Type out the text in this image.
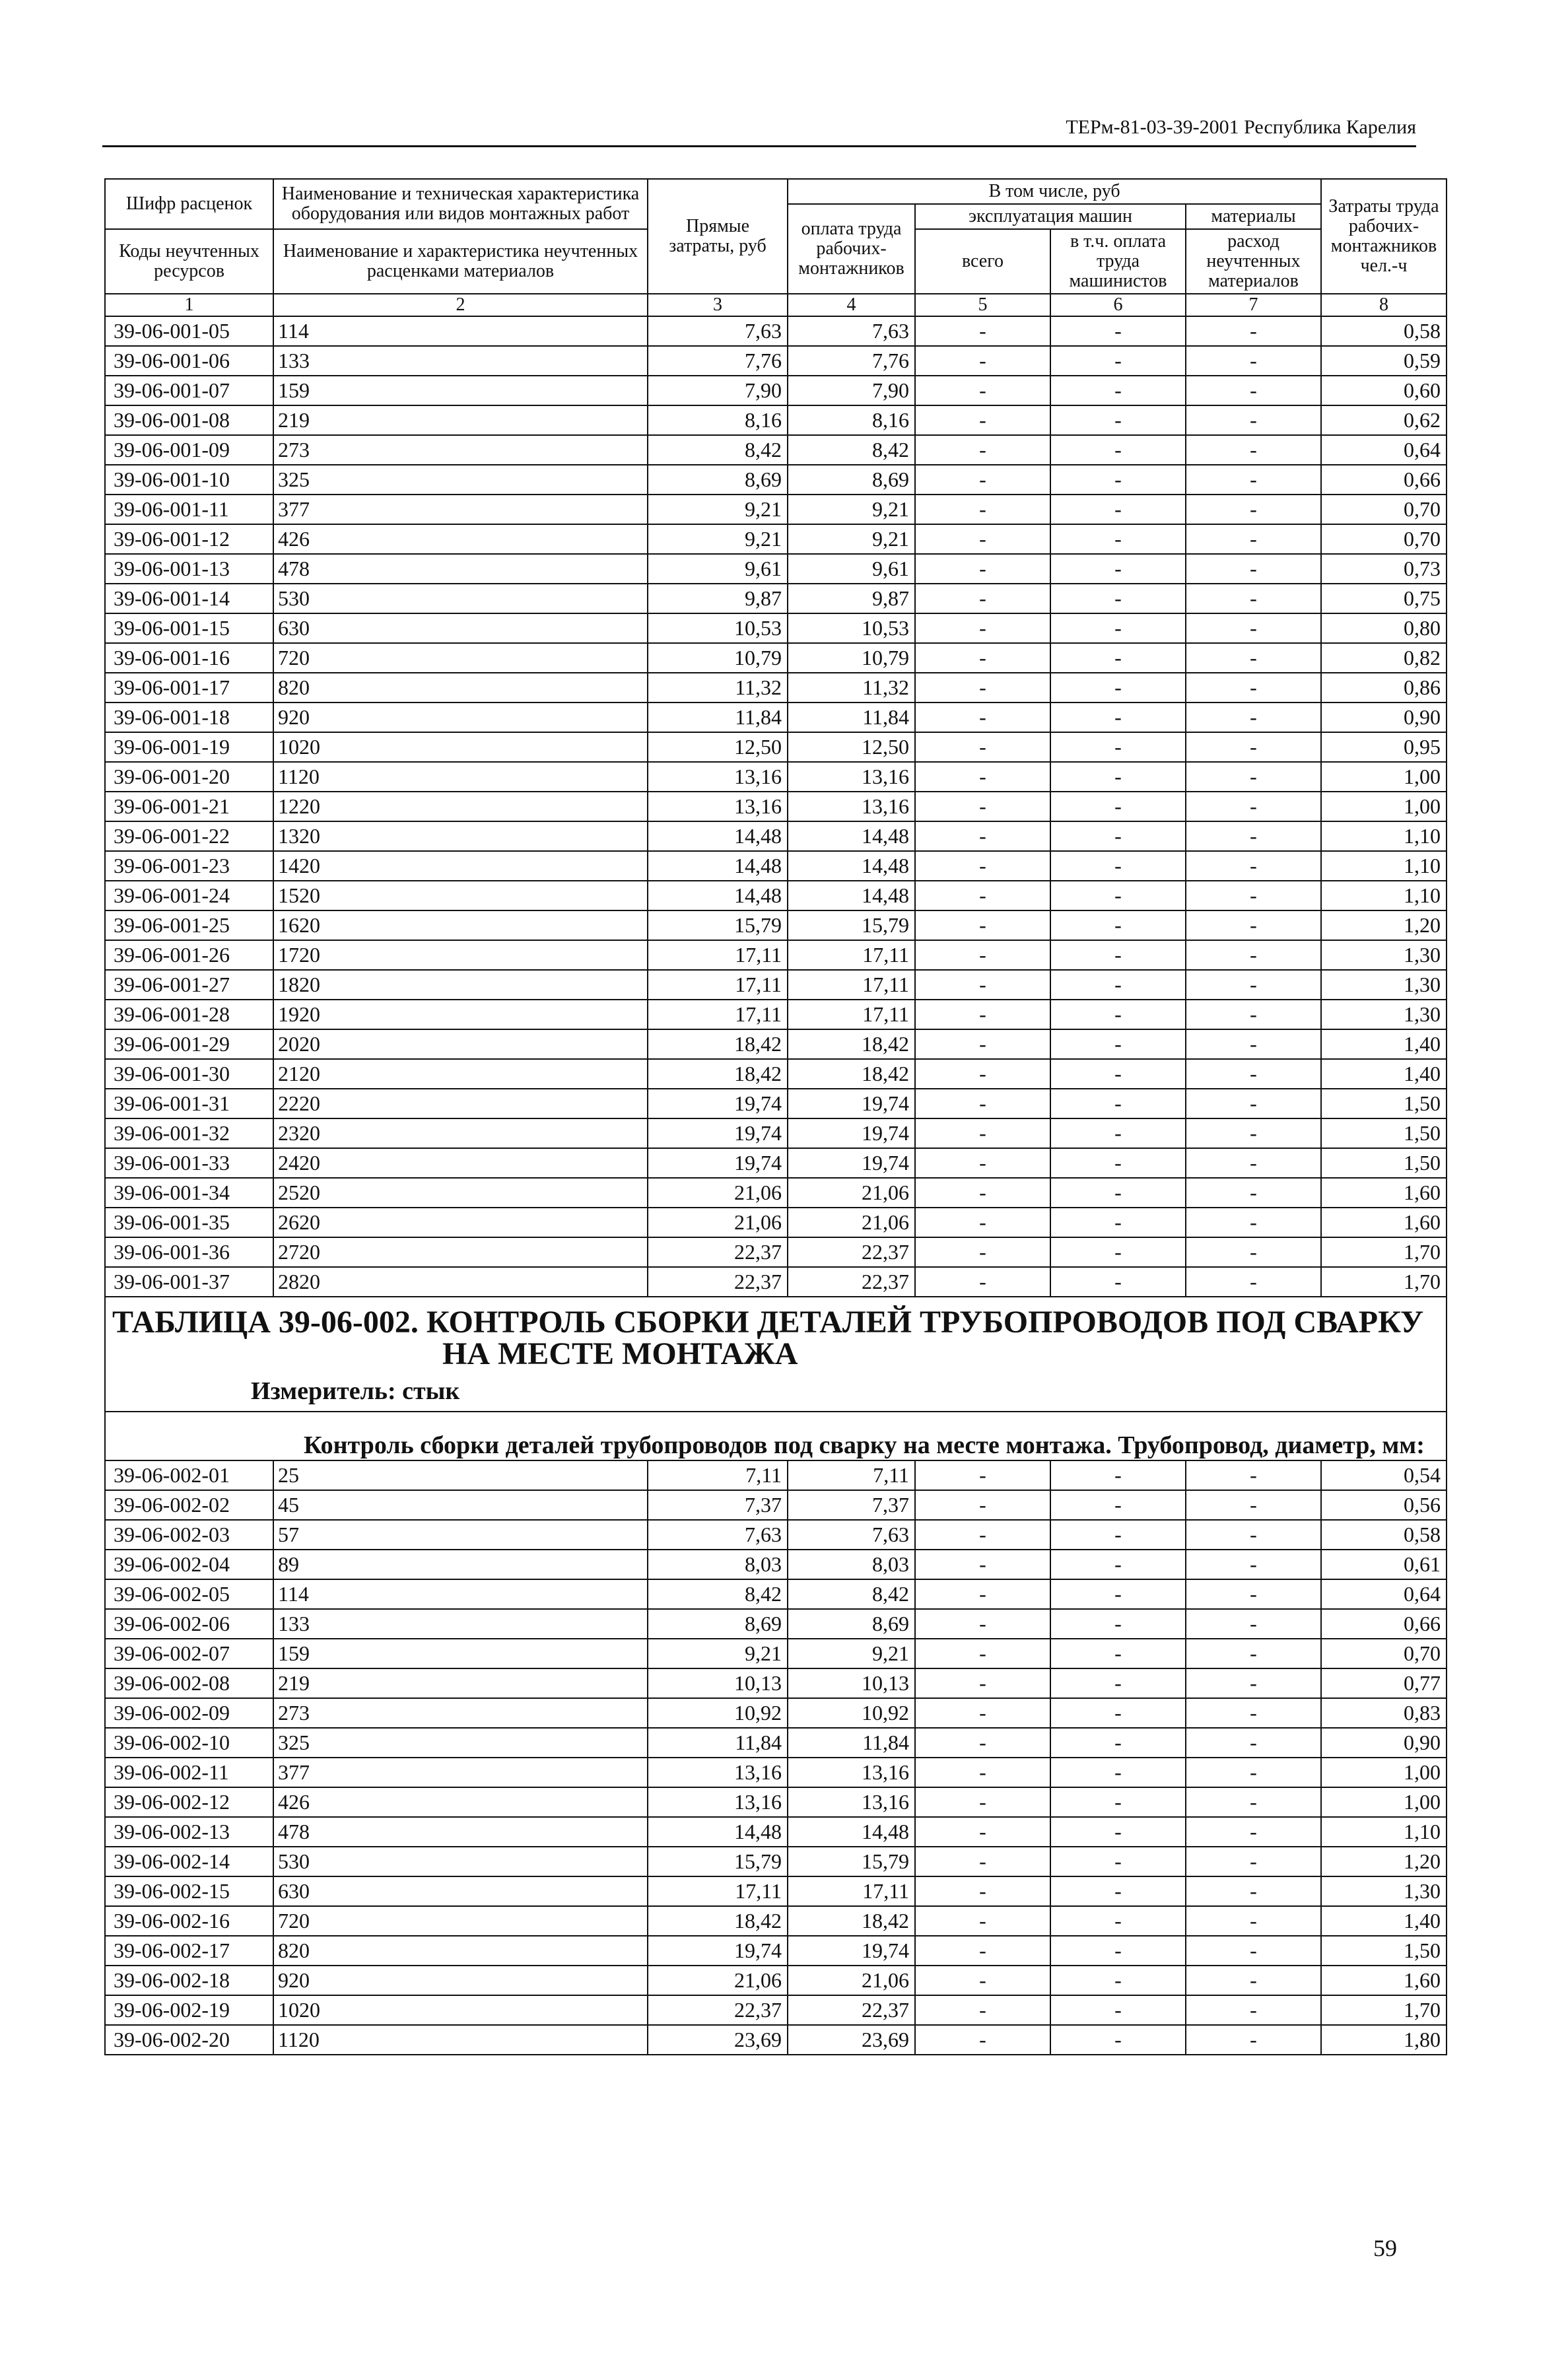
ТЕРм-81-03-39-2001 Республика Карелия
Шифр расценок	Наименование и техническая характеристика оборудования или видов монтажных работ	Прямые затраты, руб	В том числе, руб				Затраты труда рабочих-монтажников чел.-ч
			оплата труда рабочих-монтажников	эксплуатация машин		материалы	
Коды неучтенных ресурсов	Наименование и характеристика неучтенных расценками материалов			всего	в т.ч. оплата труда машинистов	расход неучтенных материалов	

1	2	3	4	5	6	7	8
39-06-001-05	114	7,63	7,63	-	-	-	0,58
39-06-001-06	133	7,76	7,76	-	-	-	0,59
39-06-001-07	159	7,90	7,90	-	-	-	0,60
39-06-001-08	219	8,16	8,16	-	-	-	0,62
39-06-001-09	273	8,42	8,42	-	-	-	0,64
39-06-001-10	325	8,69	8,69	-	-	-	0,66
39-06-001-11	377	9,21	9,21	-	-	-	0,70
39-06-001-12	426	9,21	9,21	-	-	-	0,70
39-06-001-13	478	9,61	9,61	-	-	-	0,73
39-06-001-14	530	9,87	9,87	-	-	-	0,75
39-06-001-15	630	10,53	10,53	-	-	-	0,80
39-06-001-16	720	10,79	10,79	-	-	-	0,82
39-06-001-17	820	11,32	11,32	-	-	-	0,86
39-06-001-18	920	11,84	11,84	-	-	-	0,90
39-06-001-19	1020	12,50	12,50	-	-	-	0,95
39-06-001-20	1120	13,16	13,16	-	-	-	1,00
39-06-001-21	1220	13,16	13,16	-	-	-	1,00
39-06-001-22	1320	14,48	14,48	-	-	-	1,10
39-06-001-23	1420	14,48	14,48	-	-	-	1,10
39-06-001-24	1520	14,48	14,48	-	-	-	1,10
39-06-001-25	1620	15,79	15,79	-	-	-	1,20
39-06-001-26	1720	17,11	17,11	-	-	-	1,30
39-06-001-27	1820	17,11	17,11	-	-	-	1,30
39-06-001-28	1920	17,11	17,11	-	-	-	1,30
39-06-001-29	2020	18,42	18,42	-	-	-	1,40
39-06-001-30	2120	18,42	18,42	-	-	-	1,40
39-06-001-31	2220	19,74	19,74	-	-	-	1,50
39-06-001-32	2320	19,74	19,74	-	-	-	1,50
39-06-001-33	2420	19,74	19,74	-	-	-	1,50
39-06-001-34	2520	21,06	21,06	-	-	-	1,60
39-06-001-35	2620	21,06	21,06	-	-	-	1,60
39-06-001-36	2720	22,37	22,37	-	-	-	1,70
39-06-001-37	2820	22,37	22,37	-	-	-	1,70

ТАБЛИЦА 39-06-002. КОНТРОЛЬ СБОРКИ ДЕТАЛЕЙ ТРУБОПРОВОДОВ ПОД СВАРКУ
НА МЕСТЕ МОНТАЖА
Измеритель: стык							

Контроль сборки деталей трубопроводов под сварку на месте монтажа. Трубопровод, диаметр, мм:							
39-06-002-01	25	7,11	7,11	-	-	-	0,54
39-06-002-02	45	7,37	7,37	-	-	-	0,56
39-06-002-03	57	7,63	7,63	-	-	-	0,58
39-06-002-04	89	8,03	8,03	-	-	-	0,61
39-06-002-05	114	8,42	8,42	-	-	-	0,64
39-06-002-06	133	8,69	8,69	-	-	-	0,66
39-06-002-07	159	9,21	9,21	-	-	-	0,70
39-06-002-08	219	10,13	10,13	-	-	-	0,77
39-06-002-09	273	10,92	10,92	-	-	-	0,83
39-06-002-10	325	11,84	11,84	-	-	-	0,90
39-06-002-11	377	13,16	13,16	-	-	-	1,00
39-06-002-12	426	13,16	13,16	-	-	-	1,00
39-06-002-13	478	14,48	14,48	-	-	-	1,10
39-06-002-14	530	15,79	15,79	-	-	-	1,20
39-06-002-15	630	17,11	17,11	-	-	-	1,30
39-06-002-16	720	18,42	18,42	-	-	-	1,40
39-06-002-17	820	19,74	19,74	-	-	-	1,50
39-06-002-18	920	21,06	21,06	-	-	-	1,60
39-06-002-19	1020	22,37	22,37	-	-	-	1,70
39-06-002-20	1120	23,69	23,69	-	-	-	1,80
59
